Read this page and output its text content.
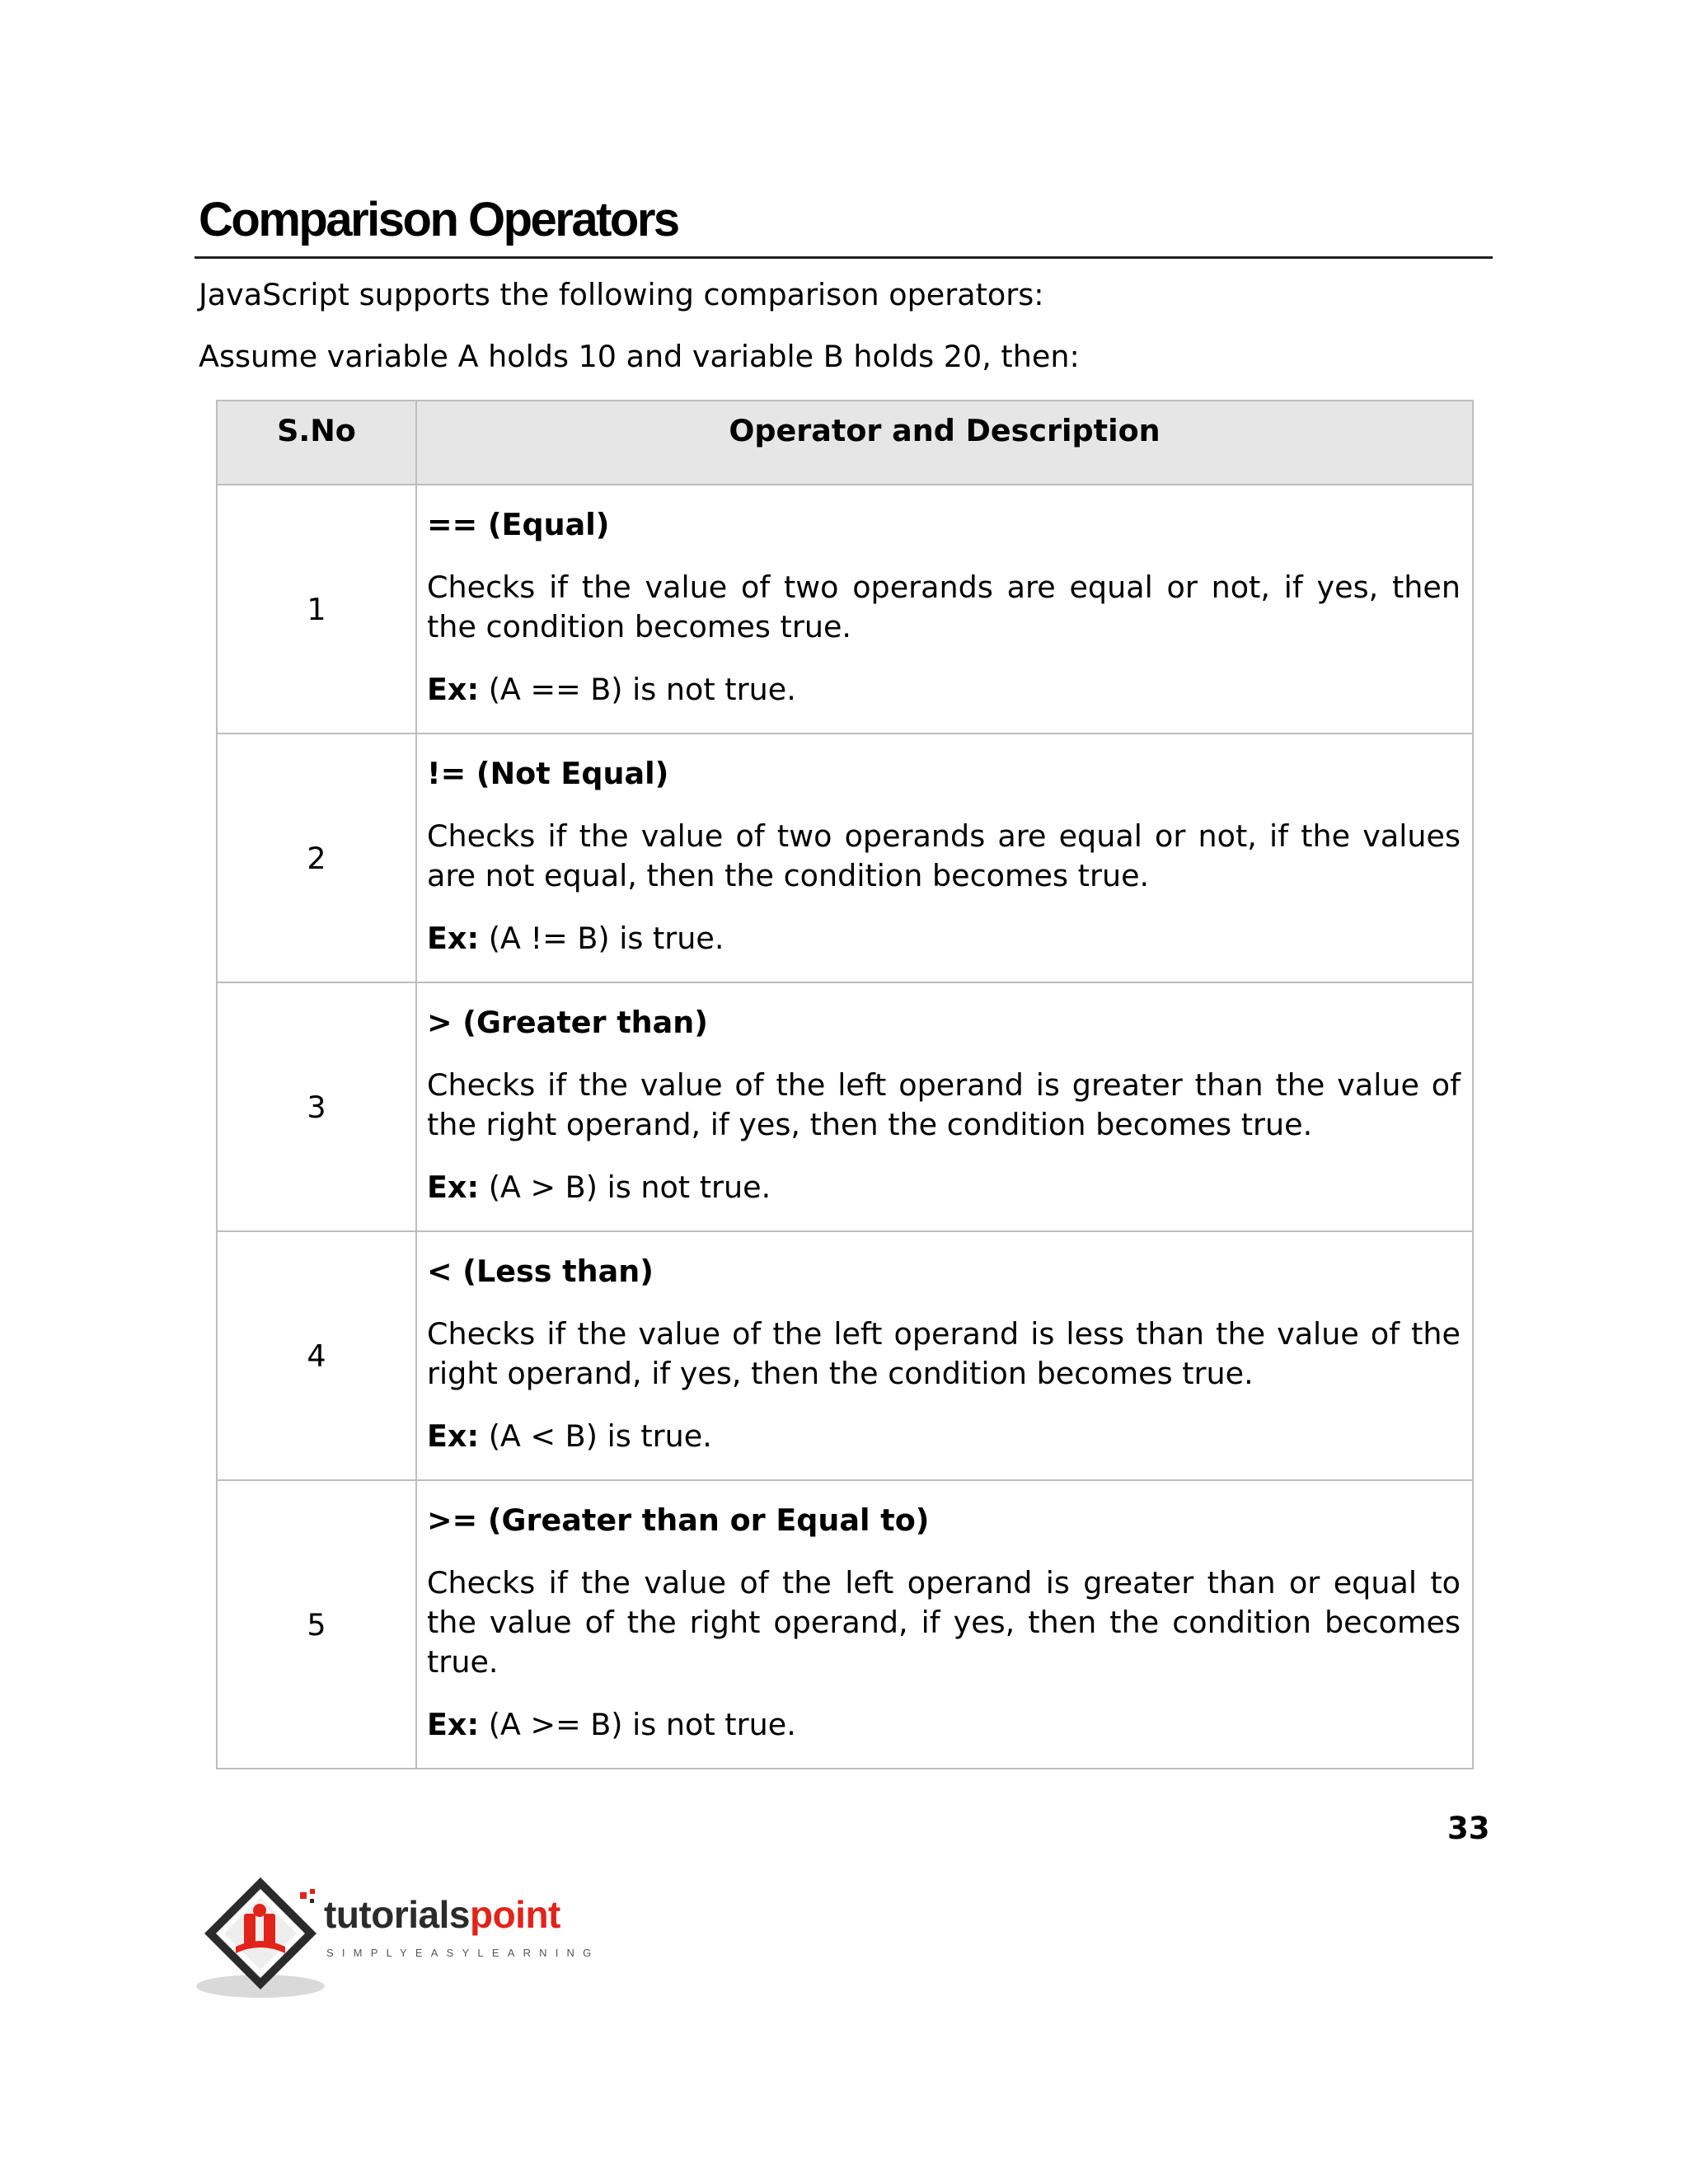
Comparison Operators
JavaScript supports the following comparison operators:
Assume variable A holds 10 and variable B holds 20, then:
S.No	Operator and Description

1	== (Equal)

Checks if the value of two operands are equal or not, if yes, then the condition becomes true.

Ex: (A == B) is not true.

2	!= (Not Equal)

Checks if the value of two operands are equal or not, if the values are not equal, then the condition becomes true.

Ex: (A != B) is true.

3	> (Greater than)

Checks if the value of the left operand is greater than the value of the right operand, if yes, then the condition becomes true.

Ex: (A > B) is not true.

4	< (Less than)

Checks if the value of the left operand is less than the value of the right operand, if yes, then the condition becomes true.

Ex: (A < B) is true.

5	>= (Greater than or Equal to)

Checks if the value of the left operand is greater than or equal to the value of the right operand, if yes, then the condition becomes true.

Ex: (A >= B) is not true.

33
tutorialspoint
SIMPLYEASYLEARNING
